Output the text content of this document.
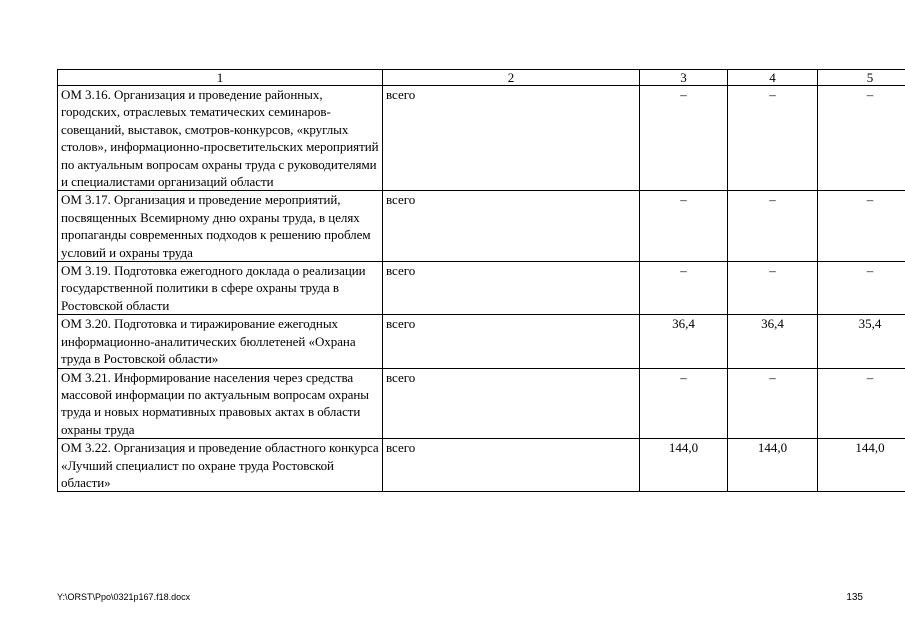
1	2	3	4	5
ОМ 3.16. Организация и проведение районных, городских, отраслевых тематических семинаров-совещаний, выставок, смотров-конкурсов, «круглых столов», информационно-просветительских мероприятий по актуальным вопросам охраны труда с руководителями и специалистами организаций области	всего	–	–	–
ОМ 3.17. Организация и проведение мероприятий, посвященных Всемирному дню охраны труда, в целях пропаганды современных подходов к решению проблем условий и охраны труда	всего	–	–	–
ОМ 3.19. Подготовка ежегодного доклада о реализации государственной политики в сфере охраны труда в Ростовской области	всего	–	–	–
ОМ 3.20. Подготовка и тиражирование ежегодных информационно-аналитических бюллетеней «Охрана труда в Ростовской области»	всего	36,4	36,4	35,4
ОМ 3.21. Информирование населения через средства массовой информации по актуальным вопросам охраны труда и новых нормативных правовых актах в области охраны труда	всего	–	–	–
ОМ 3.22. Организация и проведение областного конкурса «Лучший специалист по охране труда Ростовской области»	всего	144,0	144,0	144,0
Y:\ORST\Ppo\0321p167.f18.docx	135
